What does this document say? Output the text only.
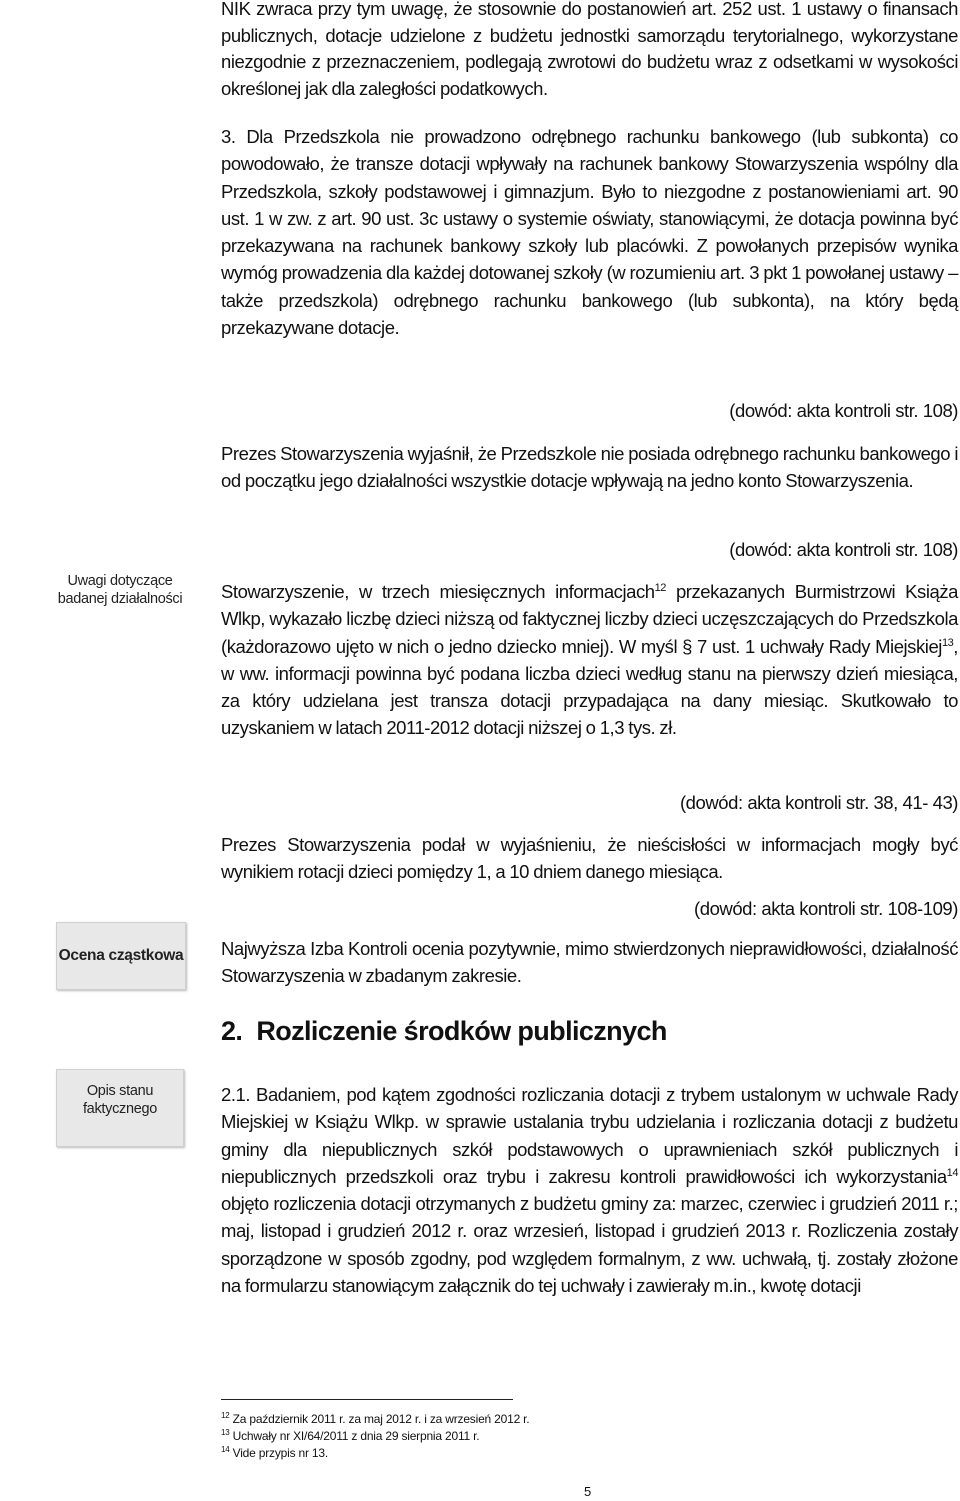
Uwagi dotyczące badanej działalności
Ocena cząstkowa
Opis stanu faktycznego

NIK zwraca przy tym uwagę, że stosownie do postanowień art. 252 ust. 1 ustawy o finansach publicznych, dotacje udzielone z budżetu jednostki samorządu terytorialnego, wykorzystane niezgodnie z przeznaczeniem, podlegają zwrotowi do budżetu wraz z odsetkami w wysokości określonej jak dla zaległości podatkowych.

3. Dla Przedszkola nie prowadzono odrębnego rachunku bankowego (lub subkonta) co powodowało, że transze dotacji wpływały na rachunek bankowy Stowarzyszenia wspólny dla Przedszkola, szkoły podstawowej i gimnazjum. Było to niezgodne z postanowieniami art. 90 ust. 1 w zw. z art. 90 ust. 3c ustawy o systemie oświaty, stanowiącymi, że dotacja powinna być przekazywana na rachunek bankowy szkoły lub placówki. Z powołanych przepisów wynika wymóg prowadzenia dla każdej dotowanej szkoły (w rozumieniu art. 3 pkt 1 powołanej ustawy – także przedszkola) odrębnego rachunku bankowego (lub subkonta), na który będą przekazywane dotacje.

(dowód: akta kontroli str. 108)

Prezes Stowarzyszenia wyjaśnił, że Przedszkole nie posiada odrębnego rachunku bankowego i od początku jego działalności wszystkie dotacje wpływają na jedno konto Stowarzyszenia.

(dowód: akta kontroli str. 108)

Stowarzyszenie, w trzech miesięcznych informacjach$^{12}$ przekazanych Burmistrzowi Książa Wlkp, wykazało liczbę dzieci niższą od faktycznej liczby dzieci uczęszczających do Przedszkola (każdorazowo ujęto w nich o jedno dziecko mniej). W myśl § 7 ust. 1 uchwały Rady Miejskiej$^{13}$, w ww. informacji powinna być podana liczba dzieci według stanu na pierwszy dzień miesiąca, za który udzielana jest transza dotacji przypadająca na dany miesiąc. Skutkowało to uzyskaniem w latach 2011-2012 dotacji niższej o 1,3 tys. zł.

(dowód: akta kontroli str. 38, 41- 43)

Prezes Stowarzyszenia podał w wyjaśnieniu, że nieścisłości w informacjach mogły być wynikiem rotacji dzieci pomiędzy 1, a 10 dniem danego miesiąca.

(dowód: akta kontroli str. 108-109)

Najwyższa Izba Kontroli ocenia pozytywnie, mimo stwierdzonych nieprawidłowości, działalność Stowarzyszenia w zbadanym zakresie.

2.1. Badaniem, pod kątem zgodności rozliczania dotacji z trybem ustalonym w uchwale Rady Miejskiej w Książu Wlkp. w sprawie ustalania trybu udzielania i rozliczania dotacji z budżetu gminy dla niepublicznych szkół podstawowych o uprawnieniach szkół publicznych i niepublicznych przedszkoli oraz trybu i zakresu kontroli prawidłowości ich wykorzystania$^{14}$ objęto rozliczenia dotacji otrzymanych z budżetu gminy za: marzec, czerwiec i grudzień 2011 r.; maj, listopad i grudzień 2012 r. oraz wrzesień, listopad i grudzień 2013 r. Rozliczenia zostały sporządzone w sposób zgodny, pod względem formalnym, z ww. uchwałą, tj. zostały złożone na formularzu stanowiącym załącznik do tej uchwały i zawierały m.in., kwotę dotacji

2. Rozliczenie środków publicznych
$^{12}$ Za październik 2011 r. za maj 2012 r. i za wrzesień 2012 r.
$^{13}$ Uchwały nr XI/64/2011 z dnia 29 sierpnia 2011 r.
$^{14}$ Vide przypis nr 13.
5
